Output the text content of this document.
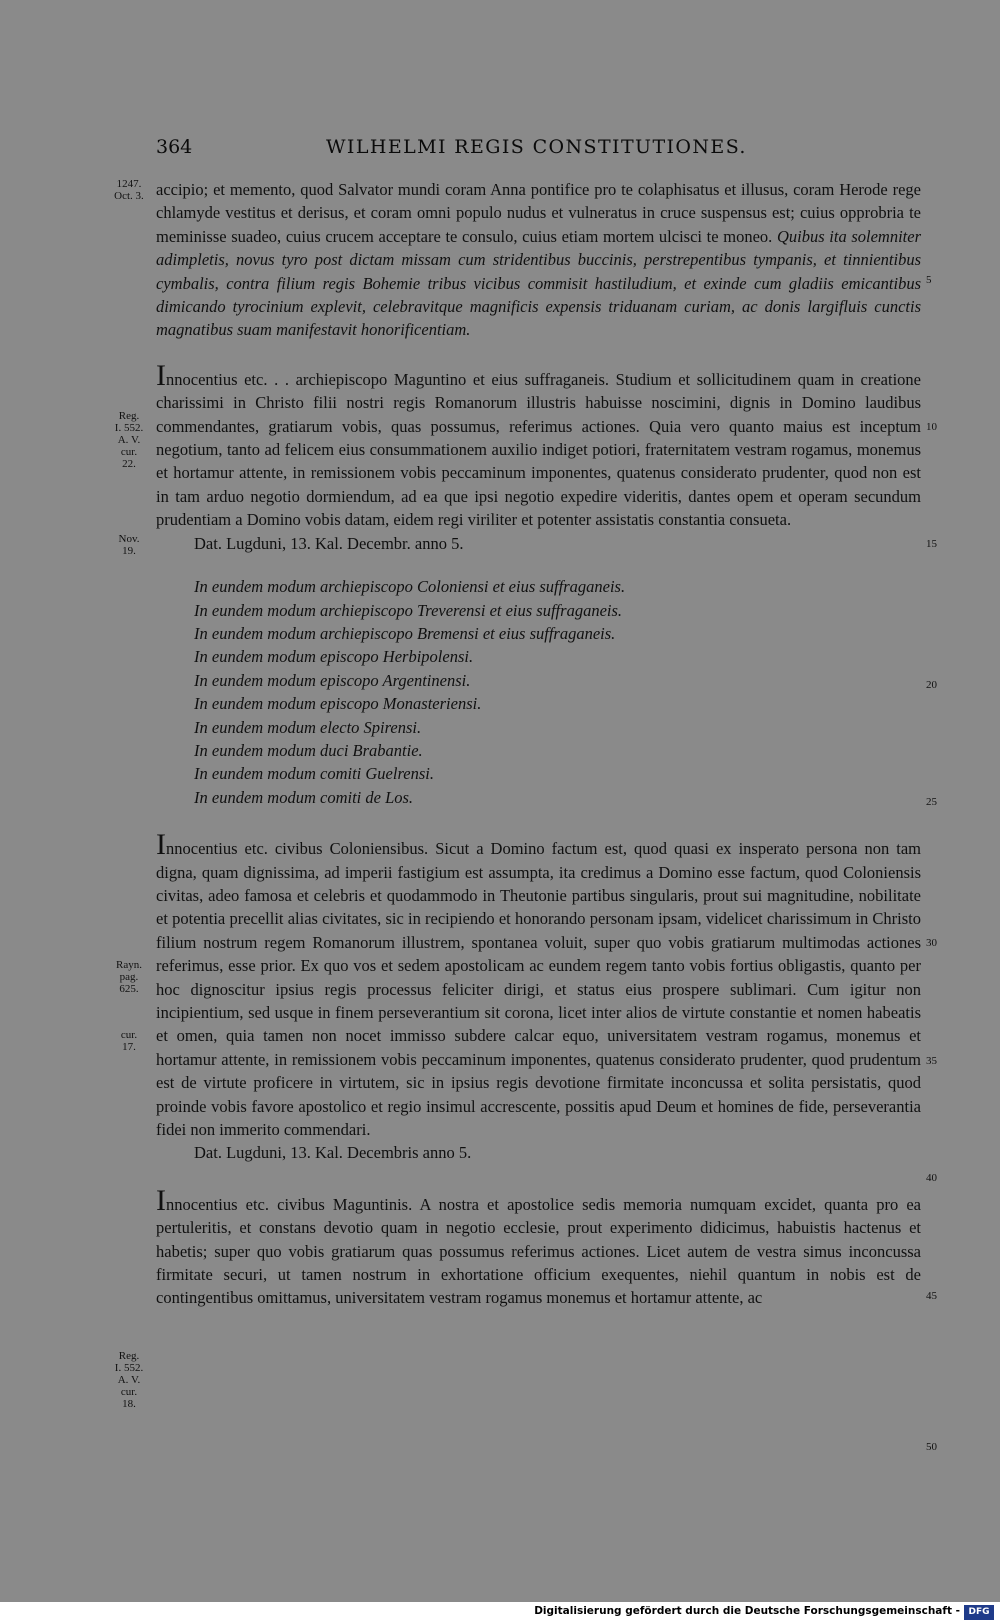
364	WILHELMI REGIS CONSTITUTIONES.
1247.
Oct. 3.
Reg.
I. 552.
A. V.
cur.
22.
Nov.
19.
Rayn.
pag.
625.
cur.
17.
Reg.
I. 552.
A. V.
cur.
18.
5
10
15
20
25
30
35
40
45
50

accipio; et memento, quod Salvator mundi coram Anna pontifice pro te colaphisatus et illusus, coram Herode rege chlamyde vestitus et derisus, et coram omni populo nudus et vulneratus in cruce suspensus est; cuius opprobria te meminisse suadeo, cuius crucem acceptare te consulo, cuius etiam mortem ulcisci te moneo. Quibus ita solemniter adimpletis, novus tyro post dictam missam cum stridentibus buccinis, perstrepentibus tympanis, et tinnientibus cymbalis, contra filium regis Bohemie tribus vicibus commisit hastiludium, et exinde cum gladiis emicantibus dimicando tyrocinium explevit, celebravitque magnificis expensis triduanam curiam, ac donis largifluis cunctis magnatibus suam manifestavit honorificentiam.

Innocentius etc. . . archiepiscopo Maguntino et eius suffraganeis. Studium et sollicitudinem quam in creatione charissimi in Christo filii nostri regis Romanorum illustris habuisse noscimini, dignis in Domino laudibus commendantes, gratiarum vobis, quas possumus, referimus actiones. Quia vero quanto maius est inceptum negotium, tanto ad felicem eius consummationem auxilio indiget potiori, fraternitatem vestram rogamus, monemus et hortamur attente, in remissionem vobis peccaminum imponentes, quatenus considerato prudenter, quod non est in tam arduo negotio dormiendum, ad ea que ipsi negotio expedire videritis, dantes opem et operam secundum prudentiam a Domino vobis datam, eidem regi viriliter et potenter assistatis constantia consueta.

Dat. Lugduni, 13. Kal. Decembr. anno 5.

In eundem modum archiepiscopo Coloniensi et eius suffraganeis.

In eundem modum archiepiscopo Treverensi et eius suffraganeis.

In eundem modum archiepiscopo Bremensi et eius suffraganeis.

In eundem modum episcopo Herbipolensi.

In eundem modum episcopo Argentinensi.

In eundem modum episcopo Monasteriensi.

In eundem modum electo Spirensi.

In eundem modum duci Brabantie.

In eundem modum comiti Guelrensi.

In eundem modum comiti de Los.

Innocentius etc. civibus Coloniensibus. Sicut a Domino factum est, quod quasi ex insperato persona non tam digna, quam dignissima, ad imperii fastigium est assumpta, ita credimus a Domino esse factum, quod Coloniensis civitas, adeo famosa et celebris et quodammodo in Theutonie partibus singularis, prout sui magnitudine, nobilitate et potentia precellit alias civitates, sic in recipiendo et honorando personam ipsam, videlicet charissimum in Christo filium nostrum regem Romanorum illustrem, spontanea voluit, super quo vobis gratiarum multimodas actiones referimus, esse prior. Ex quo vos et sedem apostolicam ac eundem regem tanto vobis fortius obligastis, quanto per hoc dignoscitur ipsius regis processus feliciter dirigi, et status eius prospere sublimari. Cum igitur non incipientium, sed usque in finem perseverantium sit corona, licet inter alios de virtute constantie et nomen habeatis et omen, quia tamen non nocet immisso subdere calcar equo, universitatem vestram rogamus, monemus et hortamur attente, in remissionem vobis peccaminum imponentes, quatenus considerato prudenter, quod prudentum est de virtute proficere in virtutem, sic in ipsius regis devotione firmitate inconcussa et solita persistatis, quod proinde vobis favore apostolico et regio insimul accrescente, possitis apud Deum et homines de fide, perseverantia fidei non immerito commendari.

Dat. Lugduni, 13. Kal. Decembris anno 5.

Innocentius etc. civibus Maguntinis. A nostra et apostolice sedis memoria numquam excidet, quanta pro ea pertuleritis, et constans devotio quam in negotio ecclesie, prout experimento didicimus, habuistis hactenus et habetis; super quo vobis gratiarum quas possumus referimus actiones. Licet autem de vestra simus inconcussa firmitate securi, ut tamen nostrum in exhortatione officium exequentes, niehil quantum in nobis est de contingentibus omittamus, universitatem vestram rogamus monemus et hortamur attente, ac

Digitalisierung gefördert durch die Deutsche Forschungsgemeinschaft - DFG
